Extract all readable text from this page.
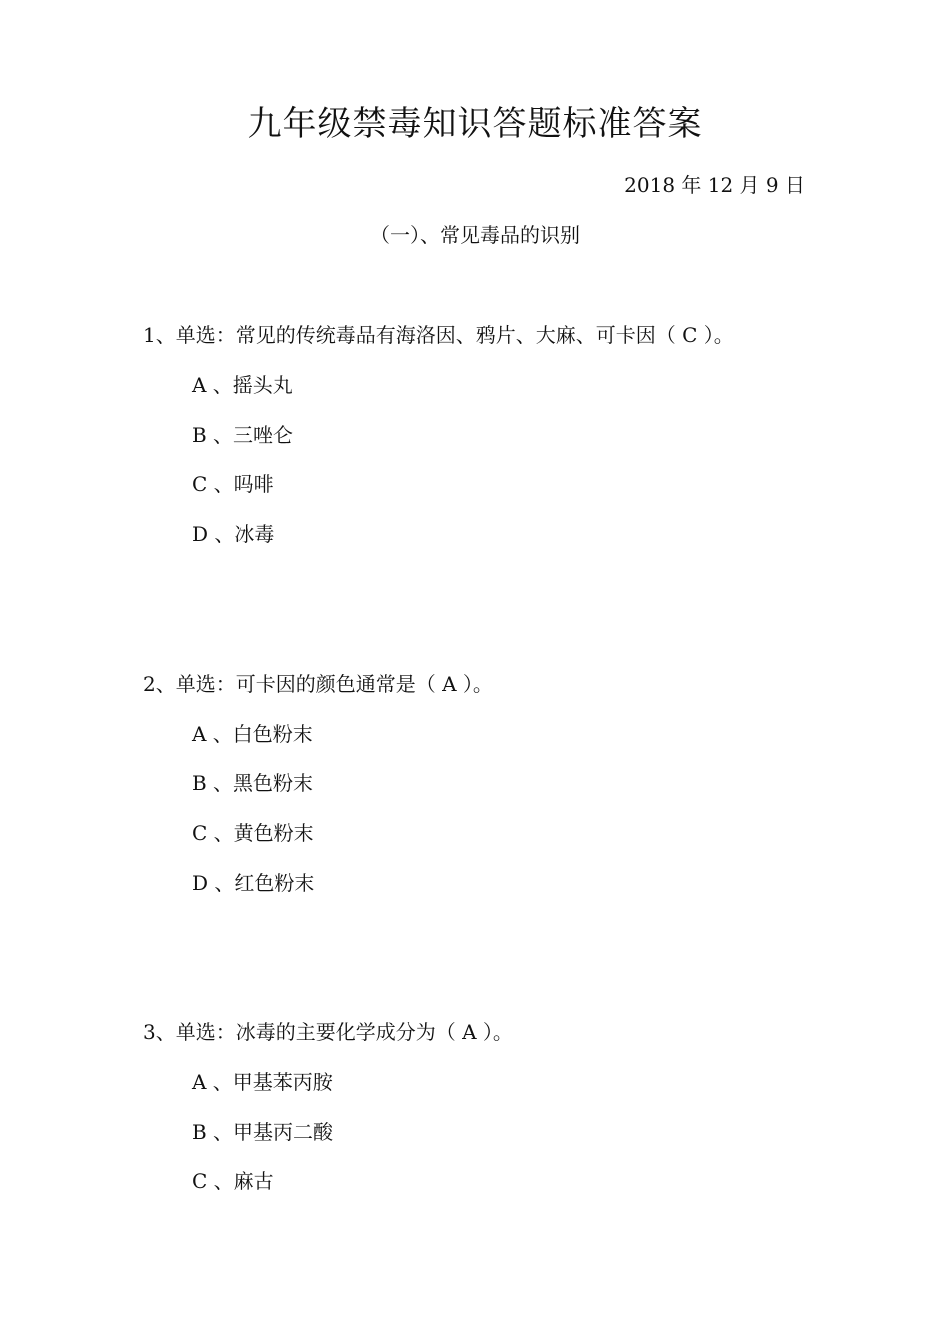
九年级禁毒知识答题标准答案
2018 年 12 月 9 日
（一）、常见毒品的识别
1、单选：常见的传统毒品有海洛因、鸦片、大麻、可卡因（ C ）。
A 、摇头丸
B 、三唑仑
C 、吗啡
D 、冰毒
2、单选：可卡因的颜色通常是（ A ）。
A 、白色粉末
B 、黑色粉末
C 、黄色粉末
D 、红色粉末
3、单选：冰毒的主要化学成分为（ A ）。
A 、甲基苯丙胺
B 、甲基丙二酸
C 、麻古
